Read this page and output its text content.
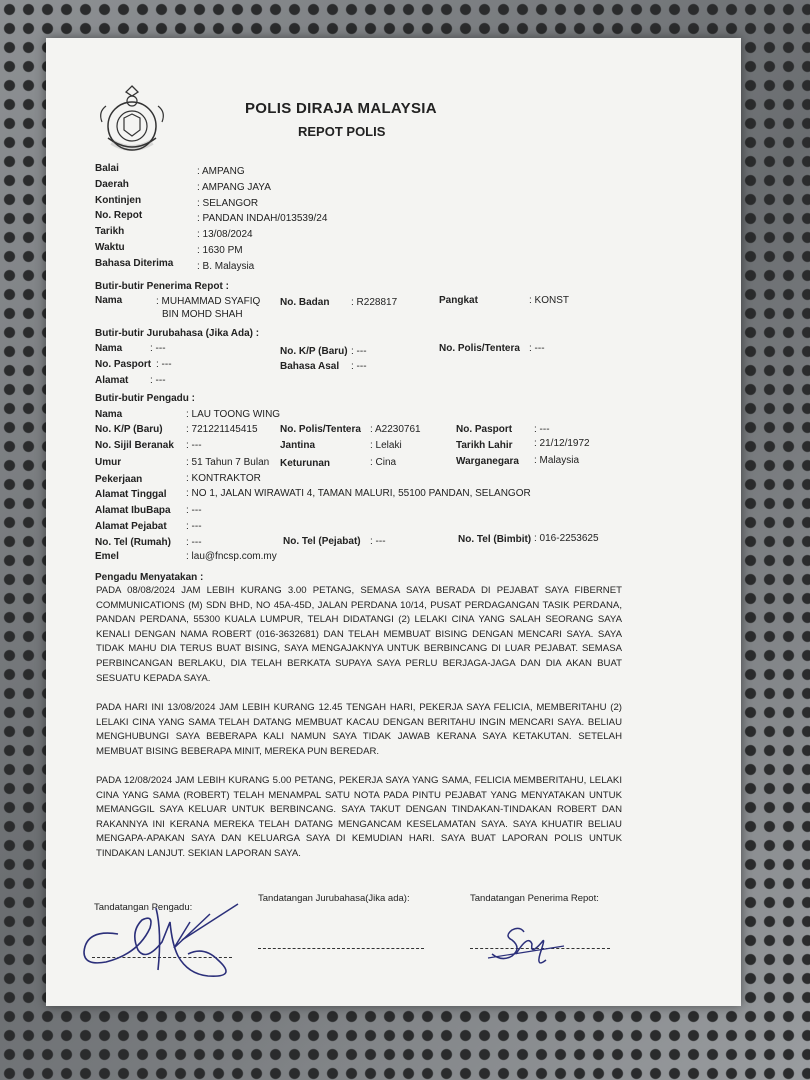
POLIS DIRAJA MALAYSIA
REPOT POLIS
Balai	: AMPANG
Daerah	: AMPANG JAYA
Kontinjen	: SELANGOR
No. Repot	: PANDAN INDAH/013539/24
Tarikh	: 13/08/2024
Waktu	: 1630 PM
Bahasa Diterima : B. Malaysia
Butir-butir Penerima Repot :
Nama	: MUHAMMAD SYAFIQ
BIN MOHD SHAH
No. Badan : R228817	Pangkat	: KONST
Butir-butir Jurubahasa (Jika Ada) :
Nama	: ---	No. K/P (Baru) : ---	No. Polis/Tentera : ---
No. Pasport : ---	Bahasa Asal : ---
Alamat : ---
Butir-butir Pengadu :
Nama	: LAU TOONG WING
No. K/P (Baru) : 721221145415 No. Polis/Tentera : A2230761	No. Pasport : ---
No. Sijil Beranak : ---	Jantina	: Lelaki	Tarikh Lahir : 21/12/1972
Umur	: 51 Tahun 7 Bulan Keturunan	: Cina	Warganegara : Malaysia
Pekerjaan	: KONTRAKTOR
Alamat Tinggal : NO 1, JALAN WIRAWATI 4, TAMAN MALURI, 55100 PANDAN, SELANGOR
Alamat IbuBapa : ---
Alamat Pejabat : ---
No. Tel (Rumah) : ---	No. Tel (Pejabat) : ---	No. Tel (Bimbit) : 016-2253625
Emel	: lau@fncsp.com.my
Pengadu Menyatakan :
PADA 08/08/2024 JAM LEBIH KURANG 3.00 PETANG, SEMASA SAYA BERADA DI PEJABAT SAYA FIBERNET COMMUNICATIONS (M) SDN BHD, NO 45A-45D, JALAN PERDANA 10/14, PUSAT PERDAGANGAN TASIK PERDANA, PANDAN PERDANA, 55300 KUALA LUMPUR, TELAH DIDATANGI (2) LELAKI CINA YANG SALAH SEORANG SAYA KENALI DENGAN NAMA ROBERT (016-3632681) DAN TELAH MEMBUAT BISING DENGAN MENCARI SAYA. SAYA TIDAK MAHU DIA TERUS BUAT BISING, SAYA MENGAJAKNYA UNTUK BERBINCANG DI LUAR PEJABAT. SEMASA PERBINCANGAN BERLAKU, DIA TELAH BERKATA SUPAYA SAYA PERLU BERJAGA-JAGA DAN DIA AKAN BUAT SESUATU KEPADA SAYA.
PADA HARI INI 13/08/2024 JAM LEBIH KURANG 12.45 TENGAH HARI, PEKERJA SAYA FELICIA, MEMBERITAHU (2) LELAKI CINA YANG SAMA TELAH DATANG MEMBUAT KACAU DENGAN BERITAHU INGIN MENCARI SAYA. BELIAU MENGHUBUNGI SAYA BEBERAPA KALI NAMUN SAYA TIDAK JAWAB KERANA SAYA KETAKUTAN. SETELAH MEMBUAT BISING BEBERAPA MINIT, MEREKA PUN BEREDAR.
PADA 12/08/2024 JAM LEBIH KURANG 5.00 PETANG, PEKERJA SAYA YANG SAMA, FELICIA MEMBERITAHU, LELAKI CINA YANG SAMA (ROBERT) TELAH MENAMPAL SATU NOTA PADA PINTU PEJABAT YANG MENYATAKAN UNTUK MEMANGGIL SAYA KELUAR UNTUK BERBINCANG. SAYA TAKUT DENGAN TINDAKAN-TINDAKAN ROBERT DAN RAKANNYA INI KERANA MEREKA TELAH DATANG MENGANCAM KESELAMATAN SAYA. SAYA KHUATIR BELIAU MENGAPA-APAKAN SAYA DAN KELUARGA SAYA DI KEMUDIAN HARI. SAYA BUAT LAPORAN POLIS UNTUK TINDAKAN LANJUT. SEKIAN LAPORAN SAYA.
Tandatangan Pengadu:
Tandatangan Jurubahasa(Jika ada):	Tandatangan Penerima Repot:
